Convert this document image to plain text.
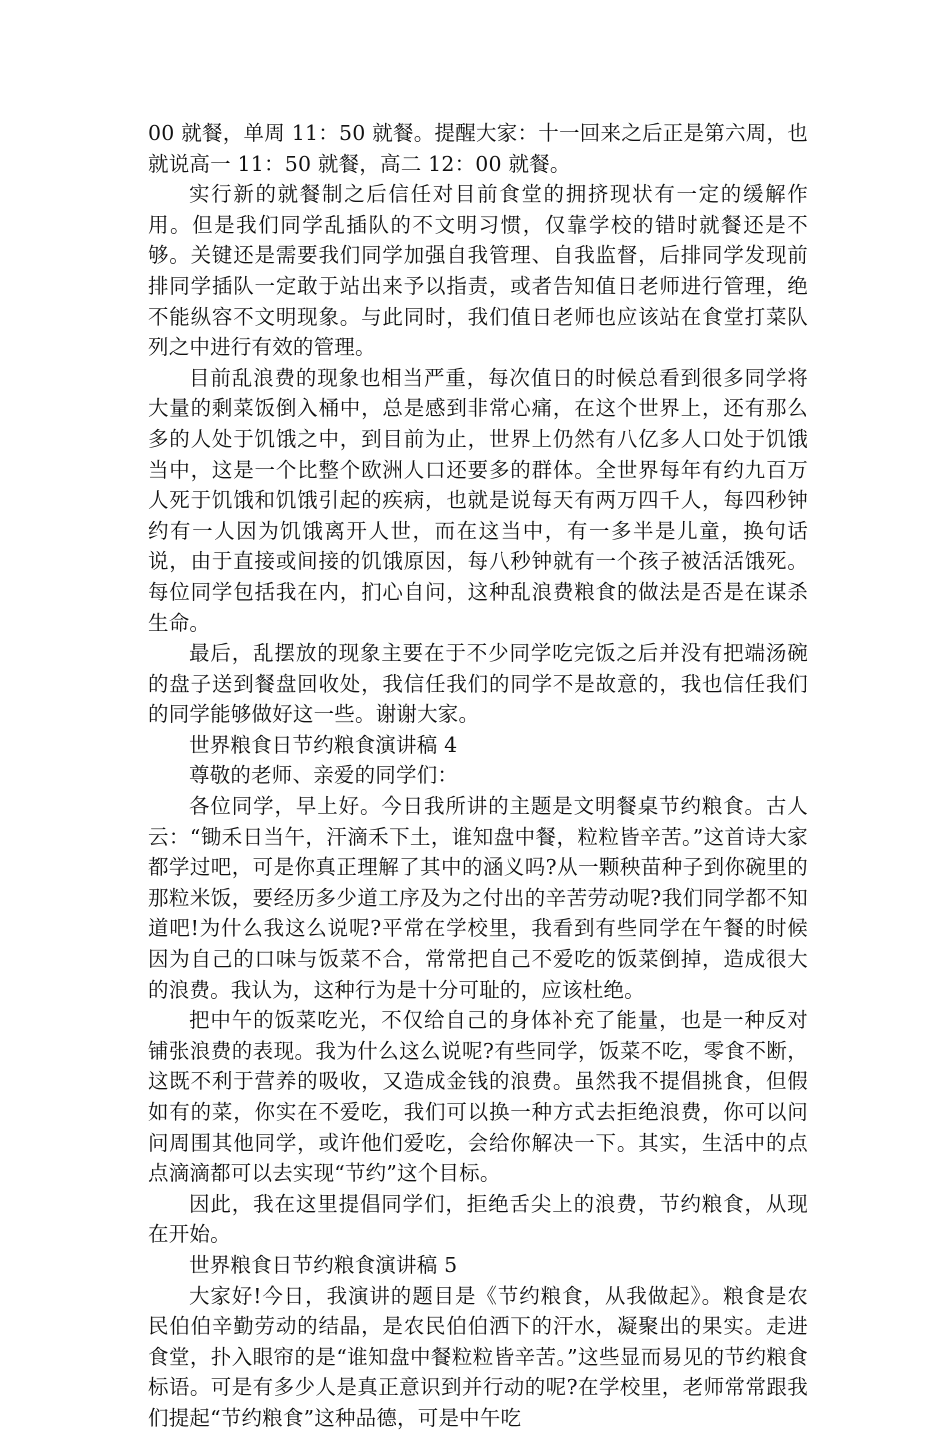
00 就餐，单周 11：50 就餐。提醒大家：十一回来之后正是第六周，也就说高一 11：50 就餐，高二 12：00 就餐。

实行新的就餐制之后信任对目前食堂的拥挤现状有一定的缓解作用。但是我们同学乱插队的不文明习惯，仅靠学校的错时就餐还是不够。关键还是需要我们同学加强自我管理、自我监督，后排同学发现前排同学插队一定敢于站出来予以指责，或者告知值日老师进行管理，绝不能纵容不文明现象。与此同时，我们值日老师也应该站在食堂打菜队列之中进行有效的管理。

目前乱浪费的现象也相当严重，每次值日的时候总看到很多同学将大量的剩菜饭倒入桶中，总是感到非常心痛，在这个世界上，还有那么多的人处于饥饿之中，到目前为止，世界上仍然有八亿多人口处于饥饿当中，这是一个比整个欧洲人口还要多的群体。全世界每年有约九百万人死于饥饿和饥饿引起的疾病，也就是说每天有两万四千人，每四秒钟约有一人因为饥饿离开人世，而在这当中，有一多半是儿童，换句话说，由于直接或间接的饥饿原因，每八秒钟就有一个孩子被活活饿死。每位同学包括我在内，扪心自问，这种乱浪费粮食的做法是否是在谋杀生命。

最后，乱摆放的现象主要在于不少同学吃完饭之后并没有把端汤碗的盘子送到餐盘回收处，我信任我们的同学不是故意的，我也信任我们的同学能够做好这一些。谢谢大家。

世界粮食日节约粮食演讲稿 4

尊敬的老师、亲爱的同学们：

各位同学，早上好。今日我所讲的主题是文明餐桌节约粮食。古人云：“锄禾日当午，汗滴禾下土，谁知盘中餐，粒粒皆辛苦。”这首诗大家都学过吧，可是你真正理解了其中的涵义吗?从一颗秧苗种子到你碗里的那粒米饭，要经历多少道工序及为之付出的辛苦劳动呢?我们同学都不知道吧!为什么我这么说呢?平常在学校里，我看到有些同学在午餐的时候因为自己的口味与饭菜不合，常常把自己不爱吃的饭菜倒掉，造成很大的浪费。我认为，这种行为是十分可耻的，应该杜绝。

把中午的饭菜吃光，不仅给自己的身体补充了能量，也是一种反对铺张浪费的表现。我为什么这么说呢?有些同学，饭菜不吃，零食不断，这既不利于营养的吸收，又造成金钱的浪费。虽然我不提倡挑食，但假如有的菜，你实在不爱吃，我们可以换一种方式去拒绝浪费，你可以问问周围其他同学，或许他们爱吃，会给你解决一下。其实，生活中的点点滴滴都可以去实现“节约”这个目标。

因此，我在这里提倡同学们，拒绝舌尖上的浪费，节约粮食，从现在开始。

世界粮食日节约粮食演讲稿 5

大家好!今日，我演讲的题目是《节约粮食，从我做起》。粮食是农民伯伯辛勤劳动的结晶，是农民伯伯洒下的汗水，凝聚出的果实。走进食堂，扑入眼帘的是“谁知盘中餐粒粒皆辛苦。”这些显而易见的节约粮食标语。可是有多少人是真正意识到并行动的呢?在学校里，老师常常跟我们提起“节约粮食”这种品德，可是中午吃
